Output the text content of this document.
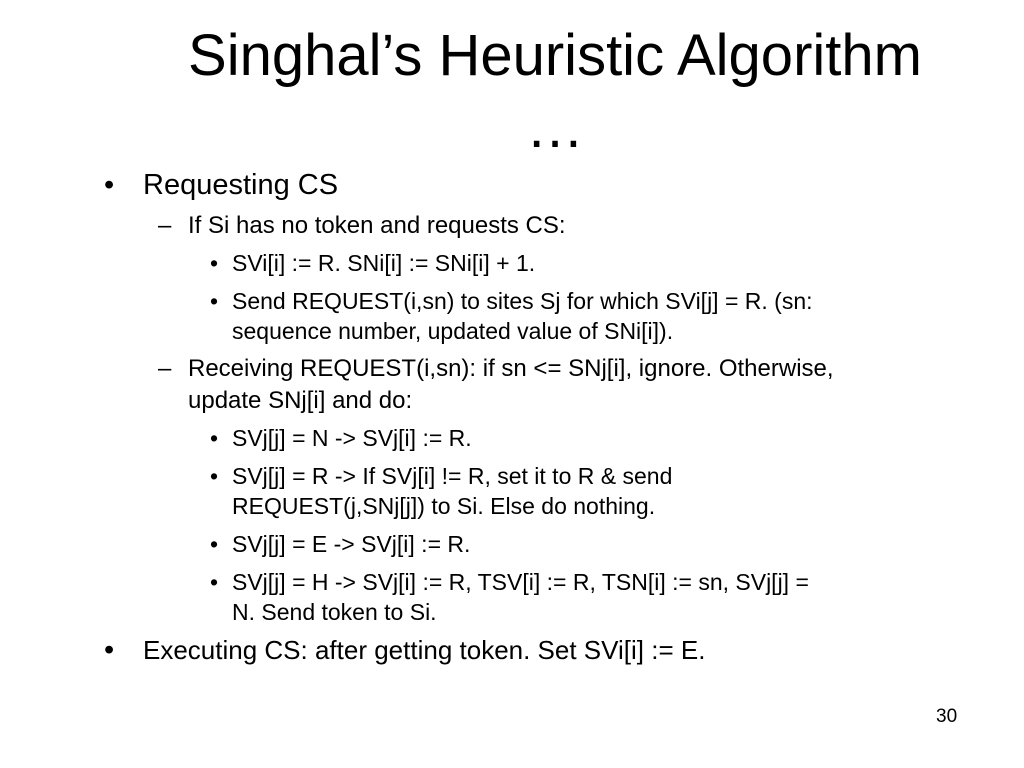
Singhal’s Heuristic Algorithm
…
• Requesting CS
– If Si has no token and requests CS:
• SVi[i] := R. SNi[i] := SNi[i] + 1.
• Send REQUEST(i,sn) to sites Sj for which SVi[j] = R. (sn:
sequence number, updated value of SNi[i]).
– Receiving REQUEST(i,sn): if sn <= SNj[i], ignore. Otherwise,
update SNj[i] and do:
• SVj[j] = N -> SVj[i] := R.
• SVj[j] = R -> If SVj[i] != R, set it to R & send
REQUEST(j,SNj[j]) to Si. Else do nothing.
• SVj[j] = E -> SVj[i] := R.
• SVj[j] = H -> SVj[i] := R, TSV[i] := R, TSN[i] := sn, SVj[j] =
N. Send token to Si.
• Executing CS: after getting token. Set SVi[i] := E.
30
